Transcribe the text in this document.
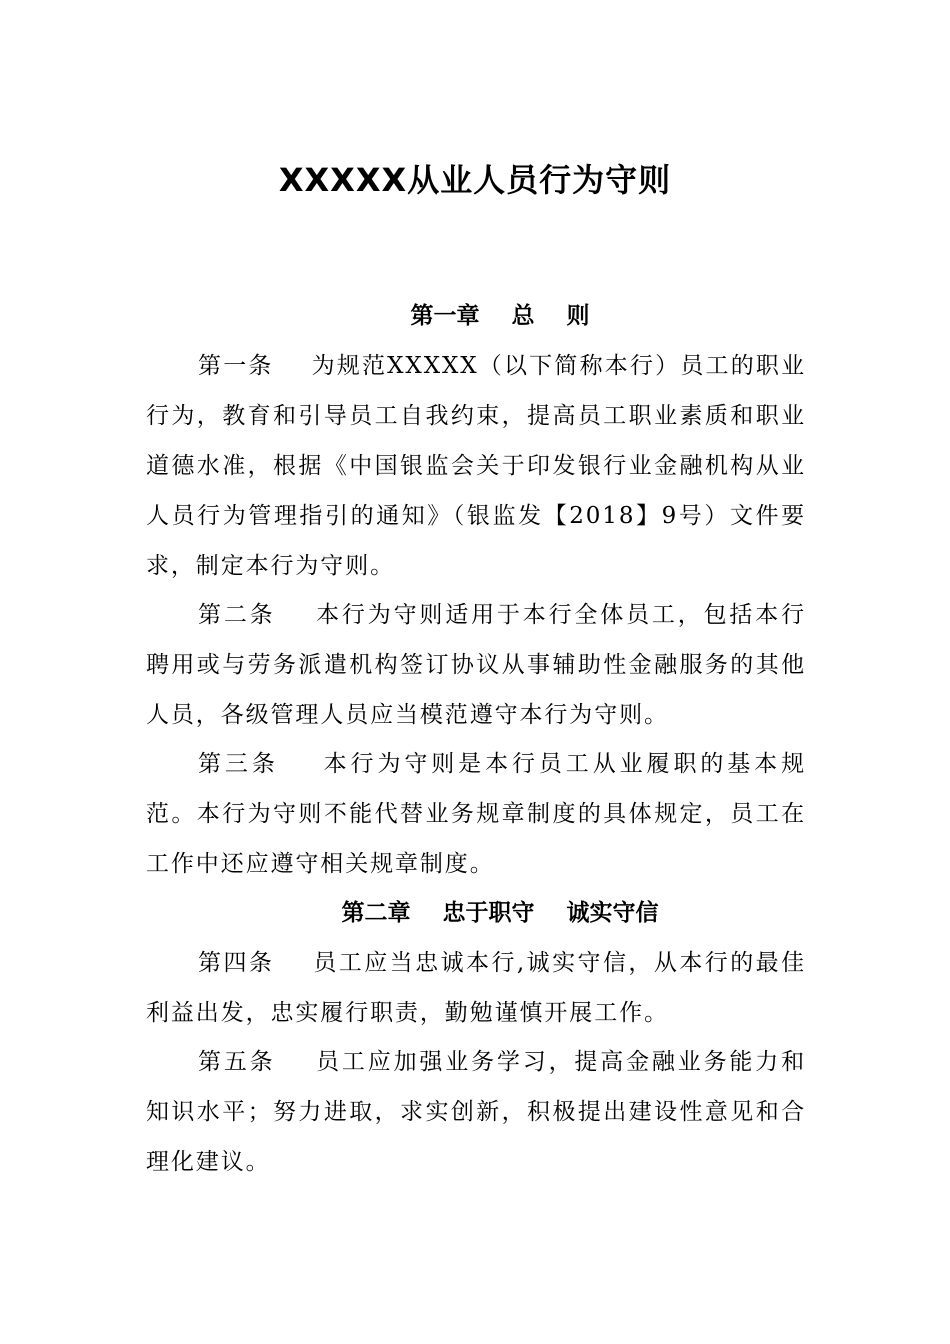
XXXXX从业人员行为守则
第一章    总    则

第一条    为规范XXXXX（以下简称本行）员工的职业行为，教育和引导员工自我约束，提高员工职业素质和职业道德水准，根据《中国银监会关于印发银行业金融机构从业人员行为管理指引的通知》（银监发【2018】9号）文件要求，制定本行为守则。

第二条    本行为守则适用于本行全体员工，包括本行聘用或与劳务派遣机构签订协议从事辅助性金融服务的其他人员，各级管理人员应当模范遵守本行为守则。

第三条    本行为守则是本行员工从业履职的基本规范。本行为守则不能代替业务规章制度的具体规定，员工在工作中还应遵守相关规章制度。

第二章    忠于职守    诚实守信

第四条    员工应当忠诚本行,诚实守信，从本行的最佳利益出发，忠实履行职责，勤勉谨慎开展工作。

第五条    员工应加强业务学习，提高金融业务能力和知识水平；努力进取，求实创新，积极提出建设性意见和合理化建议。
